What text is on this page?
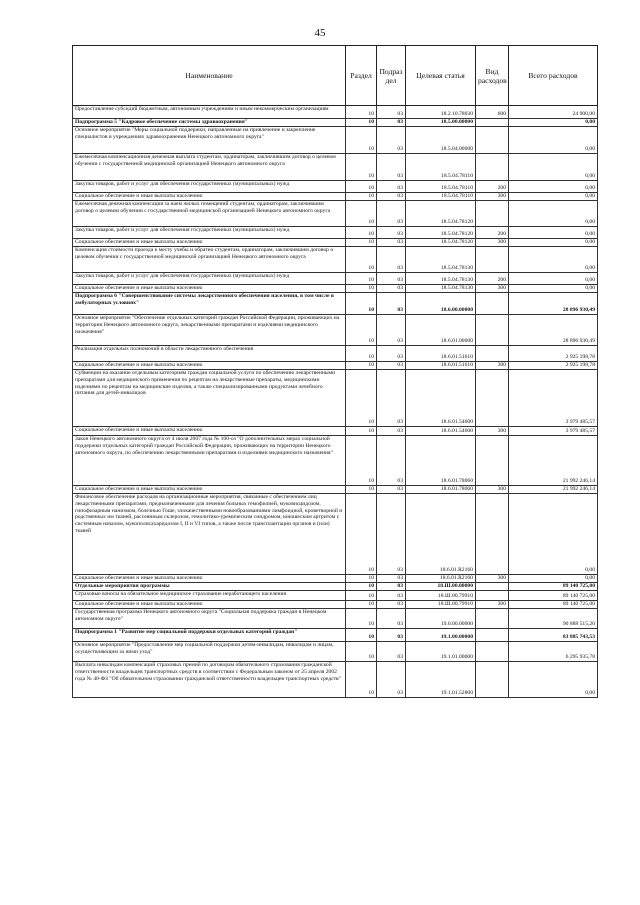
45
Наименование	Раздел	Подраз дел	Целевая статья	Вид расходов	Всего расходов
Предоставление субсидий бюджетным, автономным учреждениям и иным некоммерческим организациям	10	03	18.2.10.78030	600	24 900,00
Подпрограмма 5 "Кадровое обеспечение системы здравоохранения"	10	03	18.5.00.00000		0,00
Основное мероприятие "Меры социальной поддержки, направленные на привлечение и закрепление специалистов в учреждениях здравоохранения Ненецкого автономного округа"	10	03	18.5.04.00000		0,00
Ежемесячная компенсационная денежная выплата студентам, ординаторам, заключившим договор о целевом обучении с государственной медицинской организацией Ненецкого автономного округа	10	03	18.5.04.78110		0,00
Закупка товаров, работ и услуг для обеспечения государственных (муниципальных) нужд	10	03	18.5.04.78110	200	0,00
Социальное обеспечение и иные выплаты населению	10	03	18.5.04.78110	300	0,00
Ежемесячная денежная компенсация за наем жилых помещений студентам, ординаторам, заключившим договор о целевом обучении с государственной медицинской организацией Ненецкого автономного округа	10	03	18.5.04.78120		0,00
Закупка товаров, работ и услуг для обеспечения государственных (муниципальных) нужд	10	03	18.5.04.78120	200	0,00
Социальное обеспечение и иные выплаты населению	10	03	18.5.04.78120	300	0,00
Компенсация стоимости проезда к месту учебы и обратно студентам, ординаторам, заключившим договор о целевом обучении с государственной медицинской организацией Ненецкого автономного округа	10	03	18.5.04.78130		0,00
Закупка товаров, работ и услуг для обеспечения государственных (муниципальных) нужд	10	03	18.5.04.78130	200	0,00
Социальное обеспечение и иные выплаты населению	10	03	18.5.04.78130	300	0,00
Подпрограмма 6 "Совершенствование системы лекарственного обеспечения населения, в том числе в амбулаторных условиях"	10	03	18.6.00.00000		28 896 930,49
Основное мероприятие "Обеспечение отдельных категорий граждан Российской Федерации, проживающих на территории Ненецкого автономного округа, лекарственными препаратами и изделиями медицинского назначения"	10	03	18.6.01.00000		28 896 930,49
Реализация отдельных полномочий в области лекарственного обеспечения	10	03	18.6.01.51610		2 925 198,78
Социальное обеспечение и иные выплаты населению	10	03	18.6.01.51610	300	2 925 198,78
Субвенции на оказание отдельным категориям граждан социальной услуги по обеспечению лекарственными препаратами для медицинского применения по рецептам на лекарственные препараты, медицинскими изделиями по рецептам на медицинские изделия, а также специализированными продуктами лечебного питания для детей-инвалидов	10	03	18.6.01.54600		3 979 485,57
Социальное обеспечение и иные выплаты населению	10	03	18.6.01.54600	300	3 979 485,57
Закон Ненецкого автономного округа от 4 июля 2007 года № 100-оз "О дополнительных мерах социальной поддержки отдельных категорий граждан Российской Федерации, проживающих на территории Ненецкого автономного округа, по обеспечению лекарственными препаратами и изделиями медицинского назначения"	10	03	18.6.01.78060		21 992 246,14
Социальное обеспечение и иные выплаты населению	10	03	18.6.01.78060	300	21 992 246,14
Финансовое обеспечение расходов на организационные мероприятия, связанные с обеспечением лиц лекарственными препаратами, предназначенными для лечения больных гемофилией, муковисцидозом, гипофизарным нанизмом, болезнью Гоше, злокачественными новообразованиями лимфоидной, кроветворной и родственных им тканей, рассеянным склерозом, гемолитико-уремическим синдромом, юношеским артритом с системным началом, мукополисахаридозом I, II и VI типов, а также после трансплантации органов и (или) тканей	10	03	18.6.01.R2160		0,00
Социальное обеспечение и иные выплаты населению	10	03	18.6.01.R2160	300	0,00
Отдельные мероприятия программы	10	03	18.Ш.00.00000		89 140 725,00
Страховые взносы на обязательное медицинское страхование неработающего населения	10	03	18.Ш.00.79910		89 140 725,00
Социальное обеспечение и иные выплаты населению	10	03	18.Ш.00.79910	300	89 140 725,00
Государственная программа Ненецкого автономного округа "Социальная поддержка граждан в Ненецком автономном округе"	10	03	19.0.00.00000		90 888 515,20
Подпрограмма 1 "Развитие мер социальной поддержки отдельных категорий граждан"	10	03	19.1.00.00000		83 885 743,53
Основное мероприятие "Предоставление мер социальной поддержки детям-инвалидам, инвалидам и лицам, осуществляющим за ними уход"	10	03	19.1.01.00000		6 295 935,78
Выплата инвалидам компенсаций страховых премий по договорам обязательного страхования гражданской ответственности владельцев транспортных средств в соответствии с Федеральным законом от 25 апреля 2002 года № 40-ФЗ "Об обязательном страховании гражданской ответственности владельцев транспортных средств"	10	03	19.1.01.52800		0,00
